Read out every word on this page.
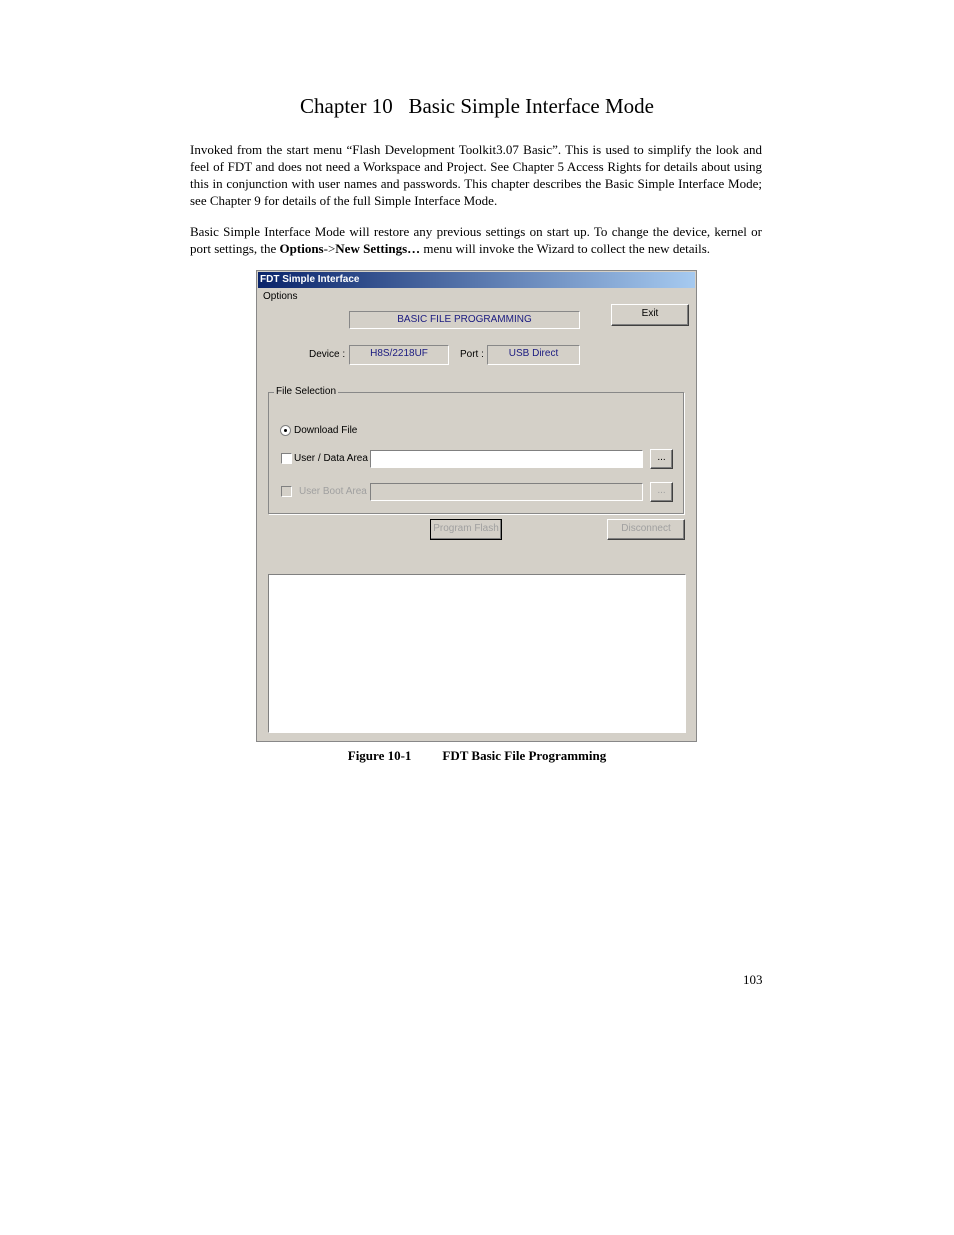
Chapter 10   Basic Simple Interface Mode
Invoked from the start menu “Flash Development Toolkit3.07 Basic”. This is used to simplify the look and feel of FDT and does not need a Workspace and Project. See Chapter 5 Access Rights for details about using this in conjunction with user names and passwords. This chapter describes the Basic Simple Interface Mode; see Chapter 9 for details of the full Simple Interface Mode.
Basic Simple Interface Mode will restore any previous settings on start up. To change the device, kernel or port settings, the Options->New Settings… menu will invoke the Wizard to collect the new details.
FDT Simple Interface
Options
BASIC FILE PROGRAMMING
Exit
Device :	H8S/2218UF	Port :	USB Direct
File Selection
Download File
User / Data Area	...
User Boot Area	...
Program Flash	Disconnect
Figure 10-1 FDT Basic File Programming
103
